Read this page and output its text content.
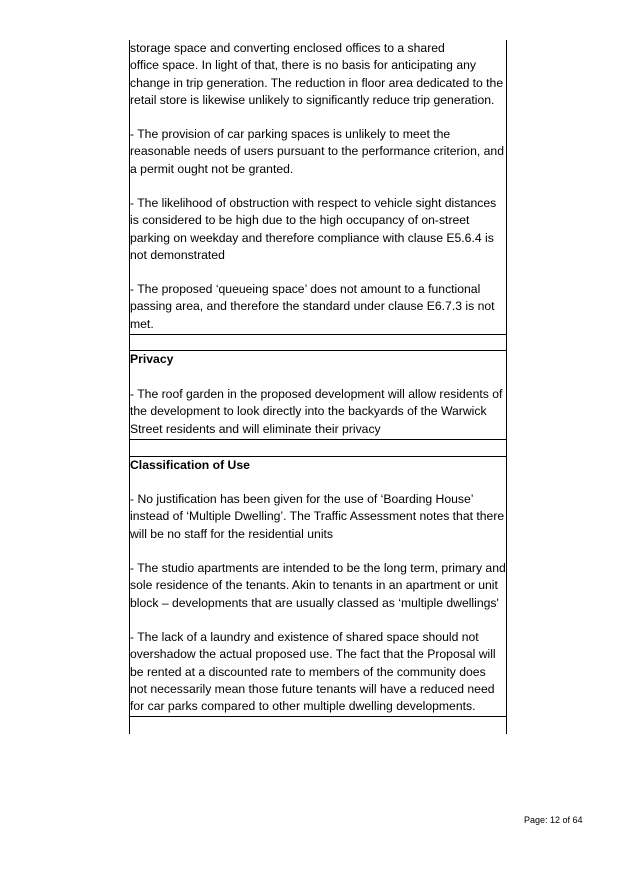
storage space and converting enclosed offices to a shared
office space. In light of that, there is no basis for anticipating any
change in trip generation. The reduction in floor area dedicated to the
retail store is likewise unlikely to significantly reduce trip generation.
- The provision of car parking spaces is unlikely to meet the
reasonable needs of users pursuant to the performance criterion, and
a permit ought not be granted.
- The likelihood of obstruction with respect to vehicle sight distances
is considered to be high due to the high occupancy of on-street
parking on weekday and therefore compliance with clause E5.6.4 is
not demonstrated
- The proposed ‘queueing space’ does not amount to a functional
passing area, and therefore the standard under clause E6.7.3 is not
met.
Privacy
- The roof garden in the proposed development will allow residents of
the development to look directly into the backyards of the Warwick
Street residents and will eliminate their privacy
Classification of Use
- No justification has been given for the use of ‘Boarding House’
instead of ‘Multiple Dwelling’. The Traffic Assessment notes that there
will be no staff for the residential units
- The studio apartments are intended to be the long term, primary and
sole residence of the tenants. Akin to tenants in an apartment or unit
block – developments that are usually classed as ‘multiple dwellings'
- The lack of a laundry and existence of shared space should not
overshadow the actual proposed use. The fact that the Proposal will
be rented at a discounted rate to members of the community does
not necessarily mean those future tenants will have a reduced need
for car parks compared to other multiple dwelling developments.
Page: 12 of 64
